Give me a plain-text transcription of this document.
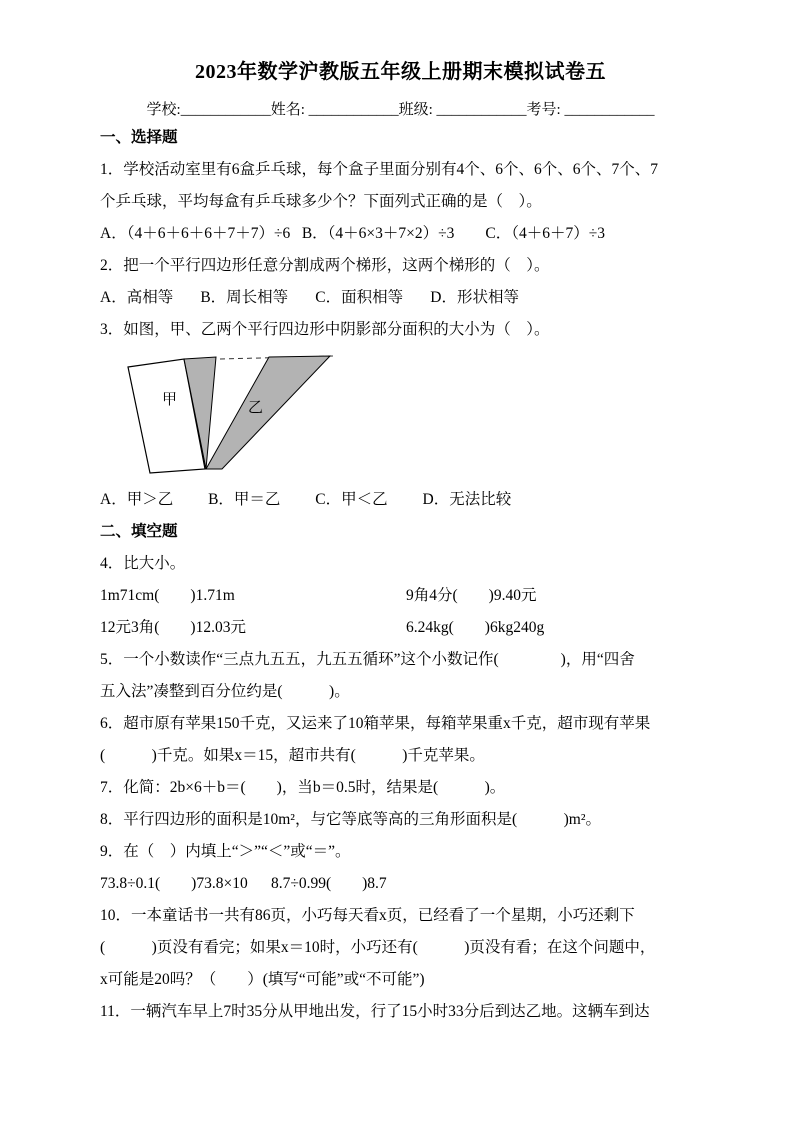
2023年数学沪教版五年级上册期末模拟试卷五

学校:____________姓名: ____________班级: ____________考号: ____________

一、选择题

1．学校活动室里有6盒乒乓球，每个盒子里面分别有4个、6个、6个、6个、7个、7

个乒乓球，平均每盒有乒乓球多少个？下面列式正确的是（　）。

A．（4＋6＋6＋6＋7＋7）÷6   B．（4＋6×3＋7×2）÷3        C．（4＋6＋7）÷3

2．把一个平行四边形任意分割成两个梯形，这两个梯形的（　）。

A．高相等       B．周长相等       C．面积相等       D．形状相等

3．如图，甲、乙两个平行四边形中阴影部分面积的大小为（　）。

甲	乙

A．甲＞乙         B．甲＝乙         C．甲＜乙         D．无法比较

二、填空题

4．比大小。

1m71cm(        )1.71m	9角4分(        )9.40元
12元3角(        )12.03元	6.24kg(        )6kg240g

5．一个小数读作“三点九五五，九五五循环”这个小数记作(                )，用“四舍

五入法”凑整到百分位约是(            )。

6．超市原有苹果150千克，又运来了10箱苹果，每箱苹果重x千克，超市现有苹果

(            )千克。如果x＝15，超市共有(            )千克苹果。

7．化简：2b×6＋b＝(        )，当b＝0.5时，结果是(            )。

8．平行四边形的面积是10m²，与它等底等高的三角形面积是(            )m²。

9．在（　）内填上“＞”“＜”或“＝”。

73.8÷0.1(        )73.8×10      8.7÷0.99(        )8.7

10．一本童话书一共有86页，小巧每天看x页，已经看了一个星期，小巧还剩下

(            )页没有看完；如果x＝10时，小巧还有(            )页没有看；在这个问题中，

x可能是20吗？（　　）(填写“可能”或“不可能”)

11．一辆汽车早上7时35分从甲地出发，行了15小时33分后到达乙地。这辆车到达
